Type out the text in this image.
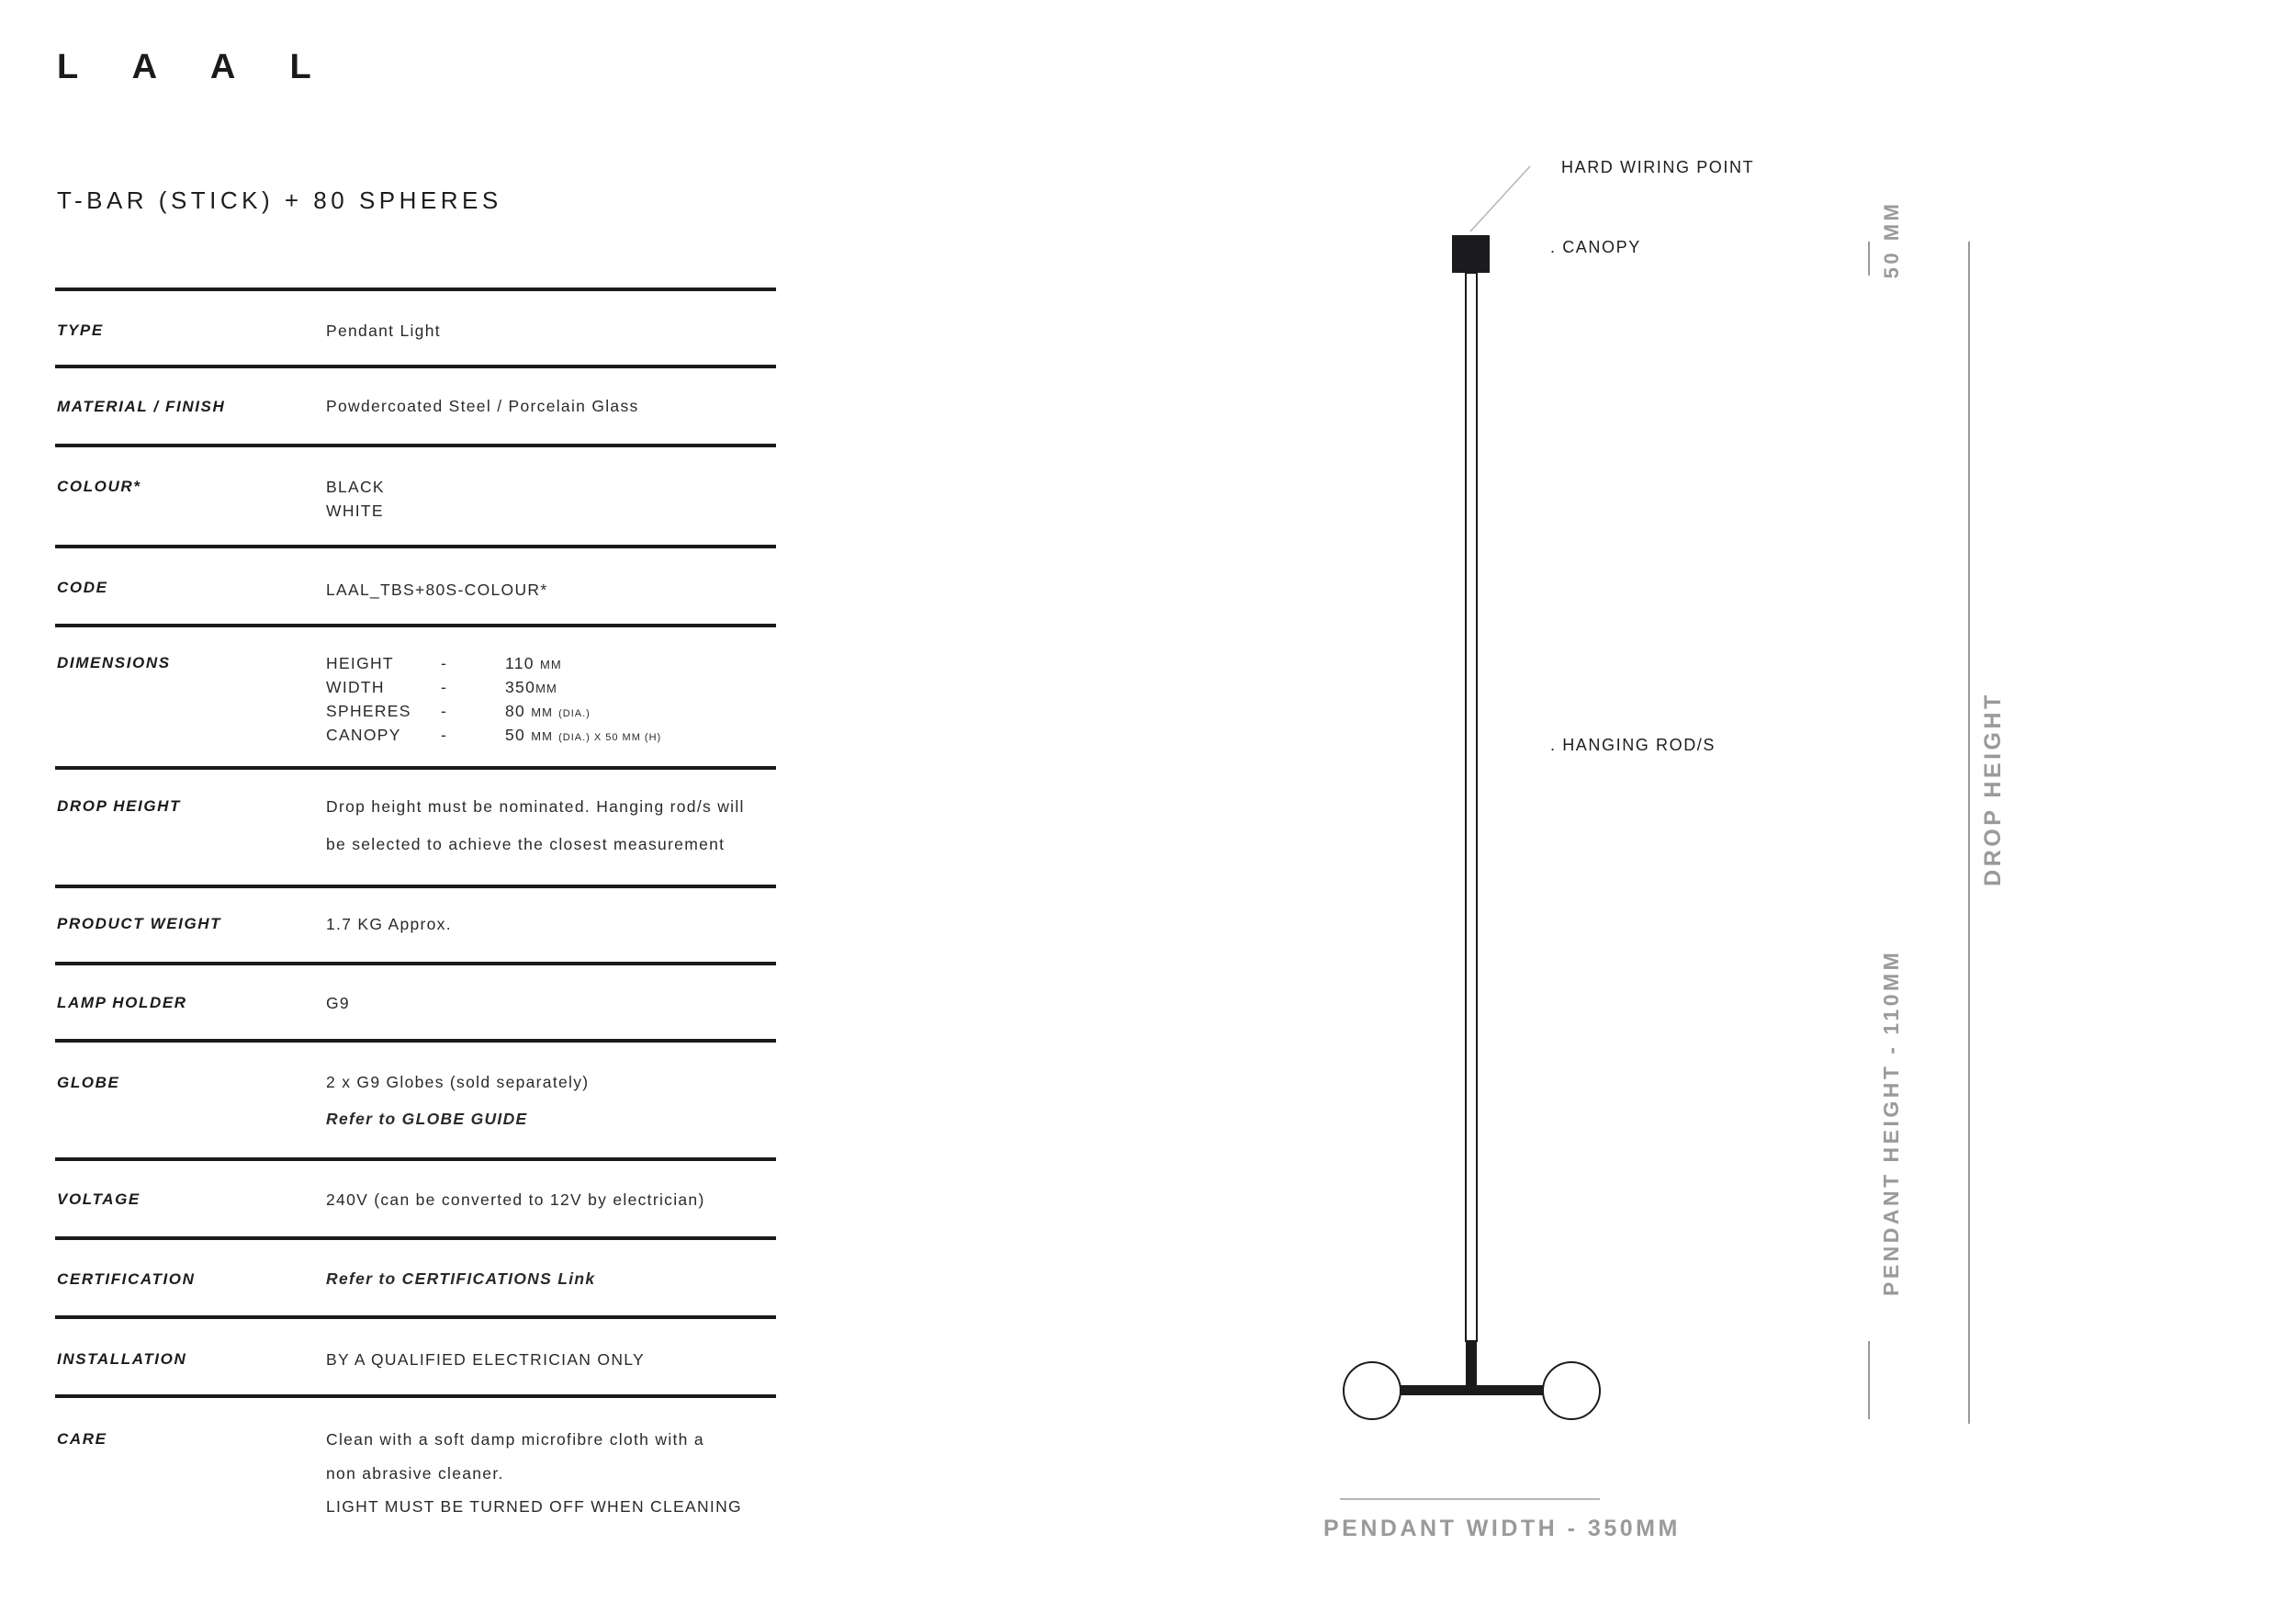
L A A L
T-BAR (STICK) + 80 SPHERES
TYPE	Pendant Light
MATERIAL / FINISH	Powdercoated Steel / Porcelain Glass
COLOUR*	BLACK
WHITE
CODE	LAAL_TBS+80S-COLOUR*
DIMENSIONS	HEIGHT	-	110 MM
WIDTH	-	350MM
SPHERES -	80 MM (DIA.)
CANOPY -	50 MM (DIA.) X 50 MM (H)
DROP HEIGHT	Drop height must be nominated. Hanging rod/s will
be selected to achieve the closest measurement
PRODUCT WEIGHT	1.7 KG Approx.
LAMP HOLDER	G9
GLOBE	2 x G9 Globes (sold separately)
Refer to GLOBE GUIDE
VOLTAGE	240V (can be converted to 12V by electrician)
CERTIFICATION	Refer to CERTIFICATIONS Link
INSTALLATION	BY A QUALIFIED ELECTRICIAN ONLY
CARE	Clean with a soft damp microfibre cloth with a
non abrasive cleaner.
LIGHT MUST BE TURNED OFF WHEN CLEANING
HARD WIRING POINT
. CANOPY
. HANGING ROD/S
50 MM
DROP HEIGHT
PENDANT HEIGHT - 110MM
PENDANT WIDTH - 350MM
